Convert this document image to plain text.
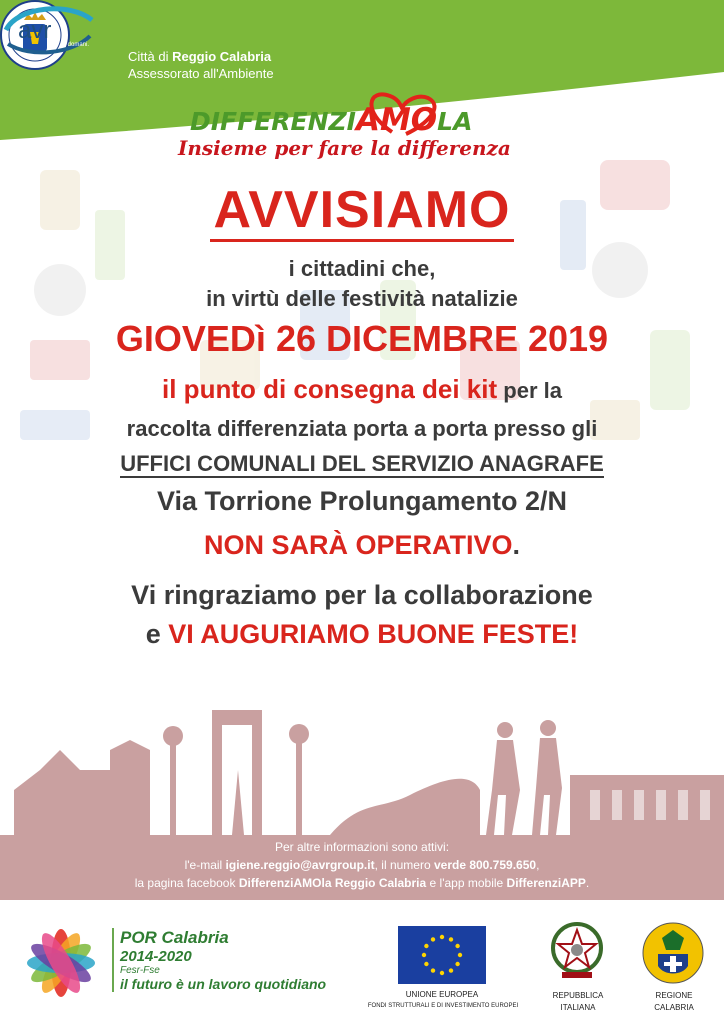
Città di Reggio Calabria
Assessorato all'Ambiente
avr
È domani.
DIFFERENZIAMOLA
Insieme per fare la differenza
AVVISIAMO
i cittadini che,
in virtù delle festività natalizie
GIOVEDì 26 DICEMBRE 2019
il punto di consegna dei kit per la
raccolta differenziata porta a porta presso gli
UFFICI COMUNALI DEL SERVIZIO ANAGRAFE
Via Torrione Prolungamento 2/N
NON SARÀ OPERATIVO.
Vi ringraziamo per la collaborazione
e VI AUGURIAMO BUONE FESTE!
Per altre informazioni sono attivi:
l'e-mail igiene.reggio@avrgroup.it, il numero verde 800.759.650,
la pagina facebook DifferenziAMOla Reggio Calabria e l'app mobile DifferenziAPP.
POR Calabria
2014-2020
Fesr-Fse
il futuro è un lavoro quotidiano
UNIONE EUROPEA
FONDI STRUTTURALI E DI INVESTIMENTO EUROPEI
REPUBBLICA
ITALIANA
REGIONE
CALABRIA
